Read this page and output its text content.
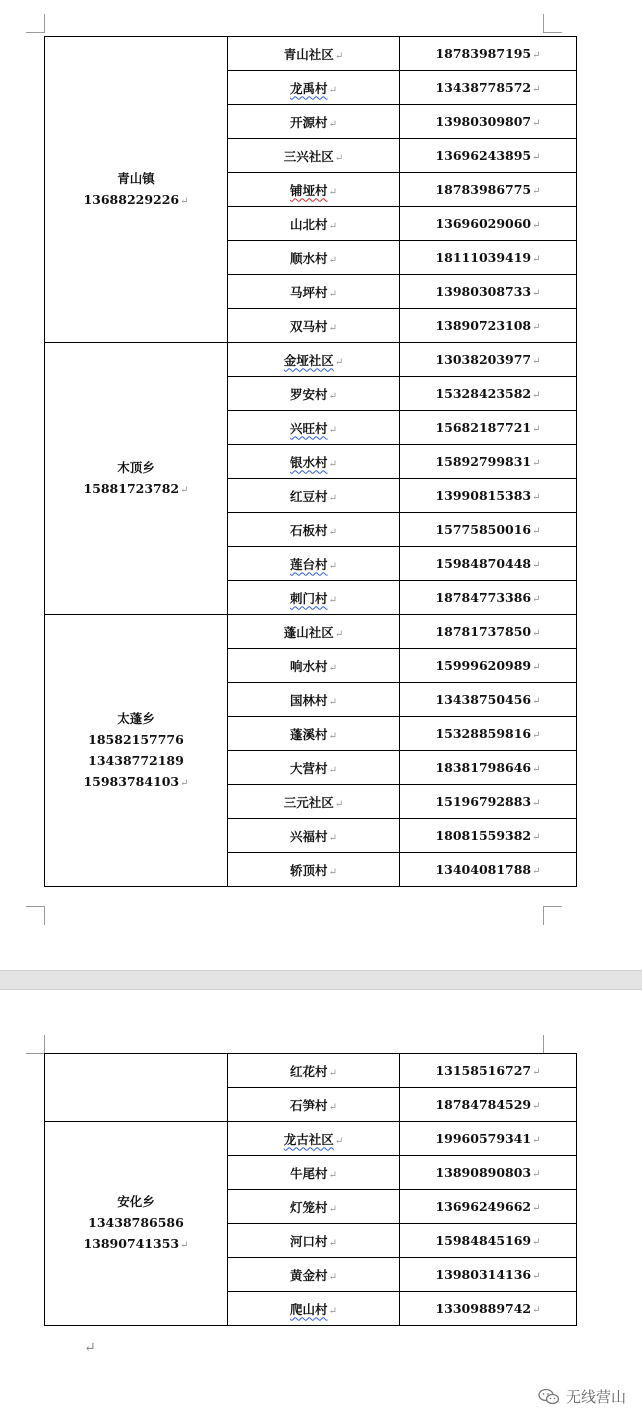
青山镇
13688229226↵	青山社区↵	18783987195↵
	龙禹村↵	13438778572↵
	开源村↵	13980309807↵
	三兴社区↵	13696243895↵
	铺垭村↵	18783986775↵
	山北村↵	13696029060↵
	顺水村↵	18111039419↵
	马坪村↵	13980308733↵
	双马村↵	13890723108↵

木顶乡
15881723782↵	金垭社区↵	13038203977↵
	罗安村↵	15328423582↵
	兴旺村↵	15682187721↵
	银水村↵	15892799831↵
	红豆村↵	13990815383↵
	石板村↵	15775850016↵
	莲台村↵	15984870448↵
	刺门村↵	18784773386↵

太蓬乡
18582157776
13438772189
15983784103↵	蓬山社区↵	18781737850↵
	响水村↵	15999620989↵
	国林村↵	13438750456↵
	蓬溪村↵	15328859816↵
	大营村↵	18381798646↵
	三元社区↵	15196792883↵
	兴福村↵	18081559382↵
	轿顶村↵	13404081788↵
	红花村↵	13158516727↵
	石笋村↵	18784784529↵

安化乡
13438786586 13890741353↵	龙古社区↵	19960579341↵
	牛尾村↵	13890890803↵
	灯笼村↵	13696249662↵
	河口村↵	15984845169↵
	黄金村↵	13980314136↵
	爬山村↵	13309889742↵
↵
无线营山
